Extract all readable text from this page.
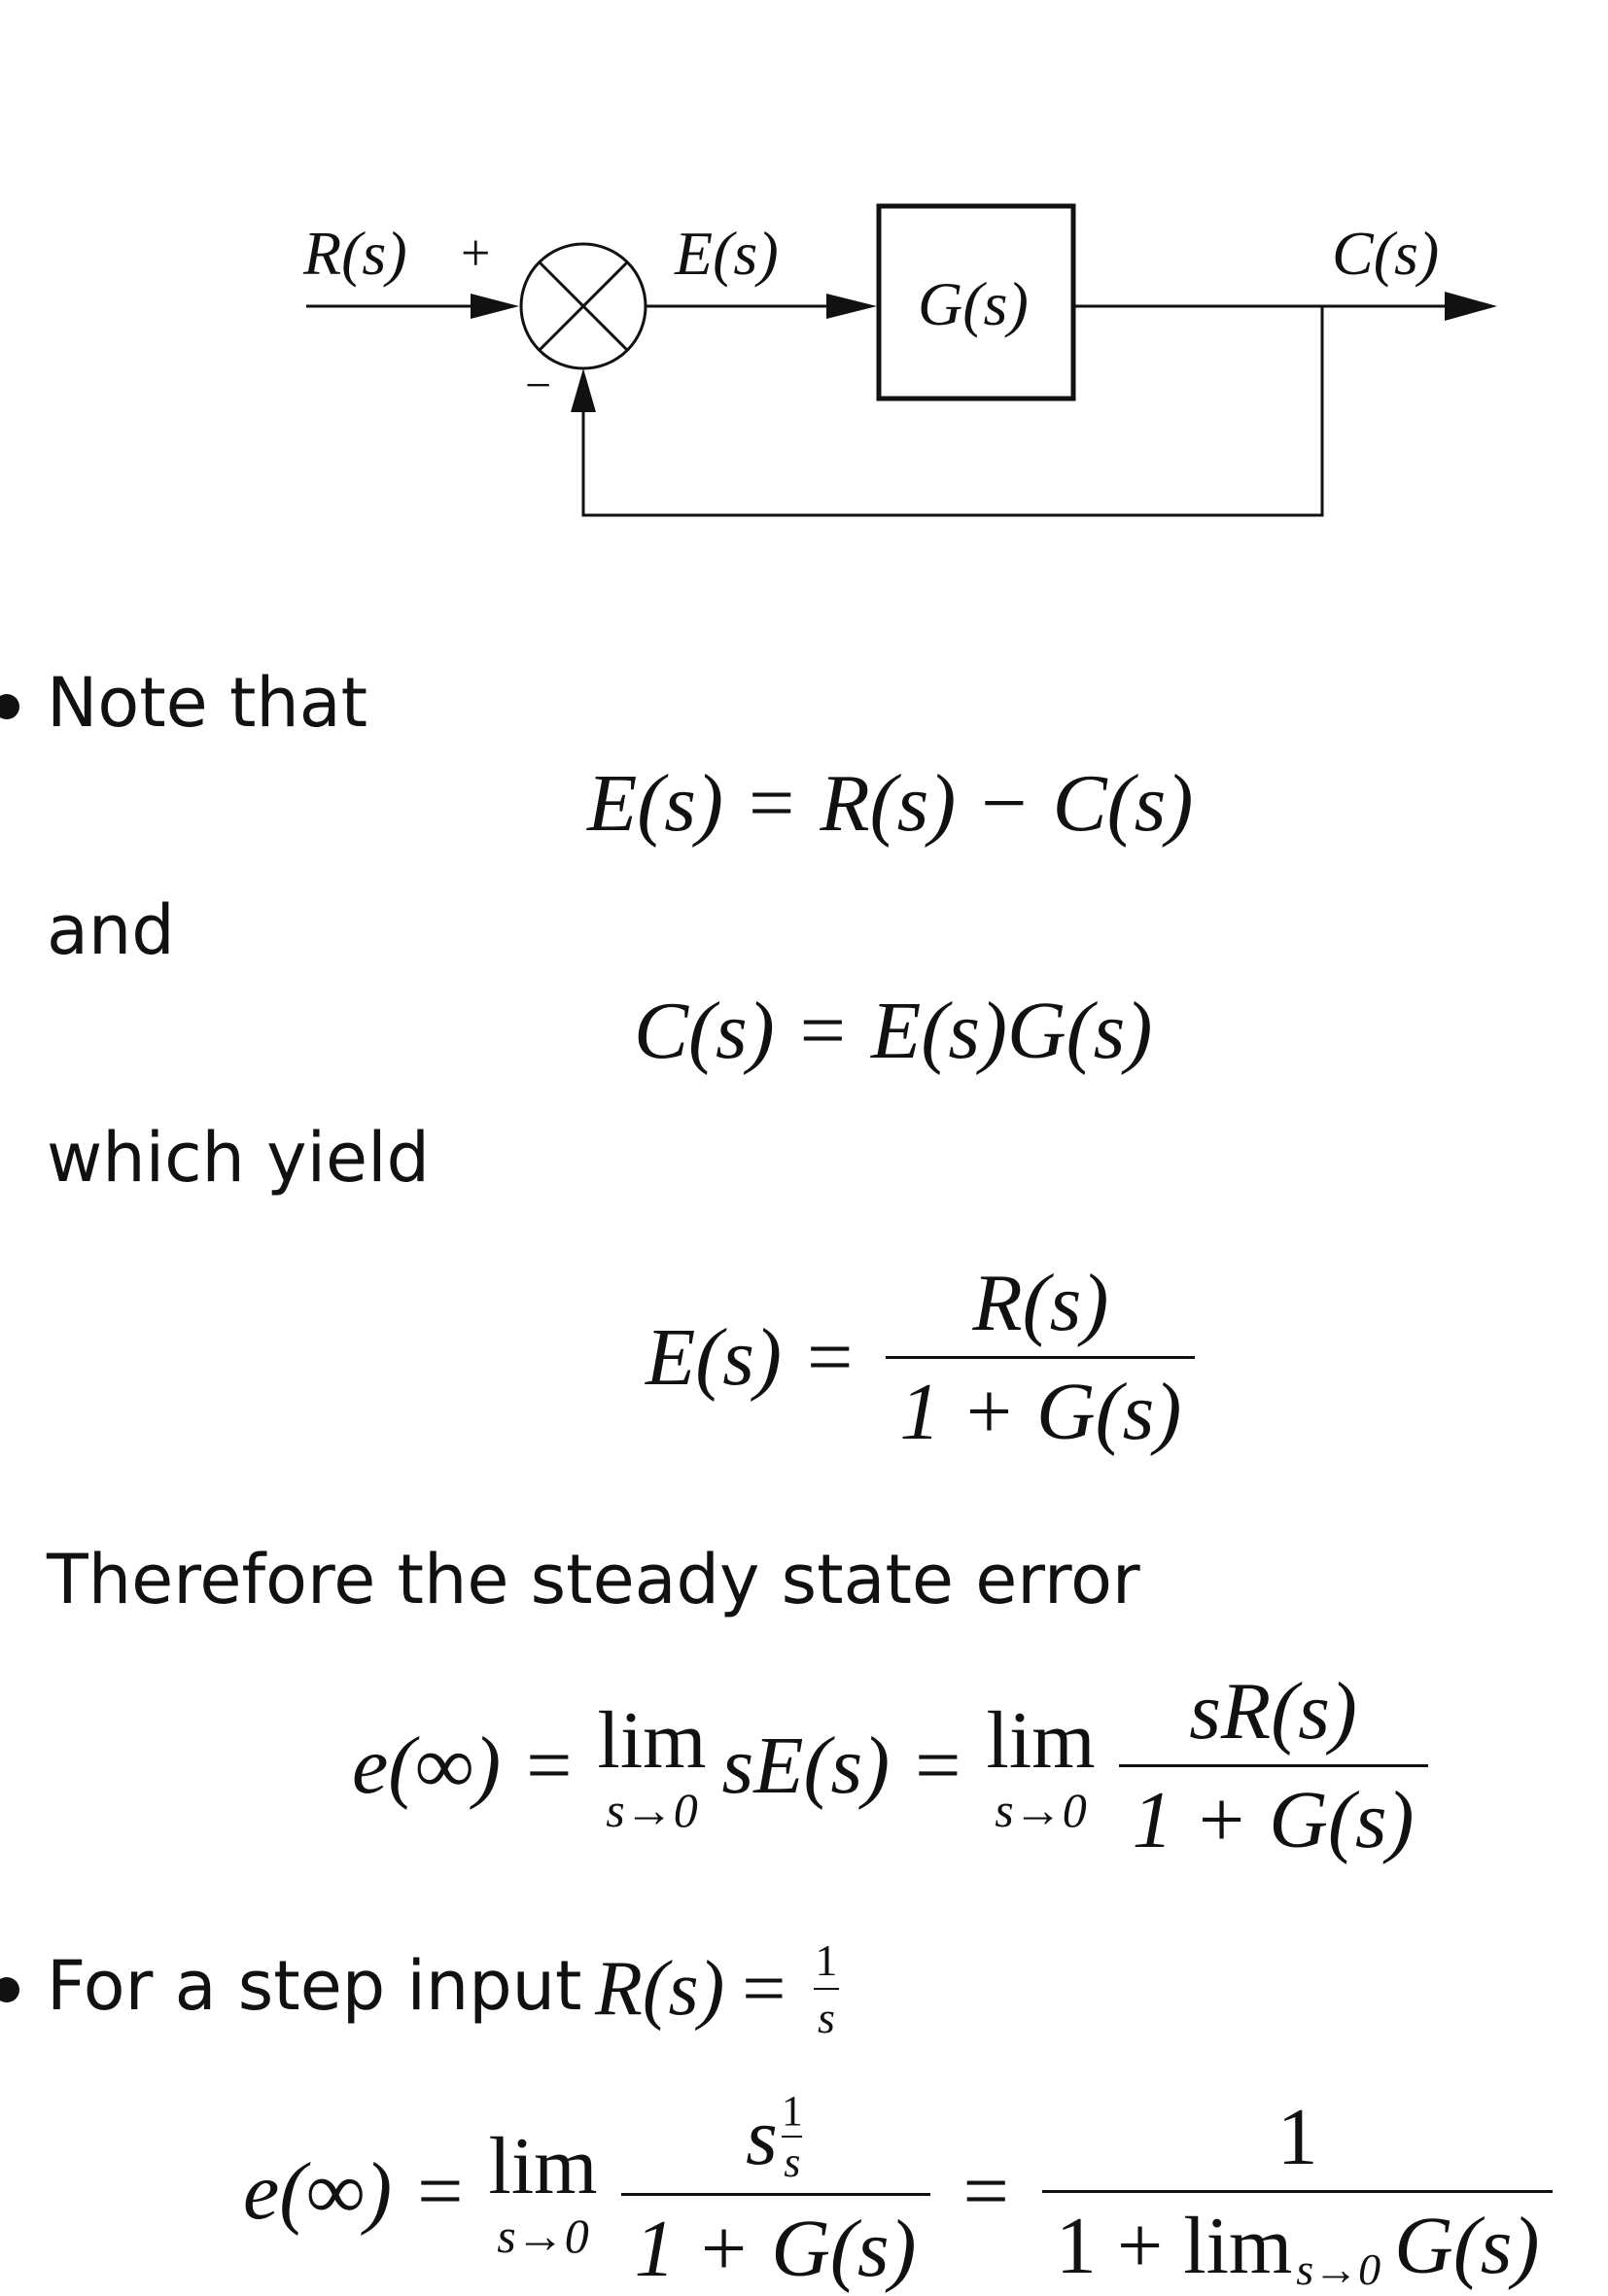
R(s) +
−
E(s)
G(s)
C(s)
Note that
E(s) = R(s) − C(s)
and
C(s) = E(s)G(s)
which yield
$E(s) = \frac{R(s)}{1 + G(s)}$
Therefore the steady state error
e(∞) = lim
s→0 sE(s) = lim
$s\to 0 \frac{sR(s)}{1 + G(s)}$
For a step input $R(s) = \frac{1}{s}$
e(∞) = lim
$s\to 0 \frac{s \frac{1}{s}}{1 + G(s)} = \frac{1}{\text{1 + lim s→0 G(s)}}$
